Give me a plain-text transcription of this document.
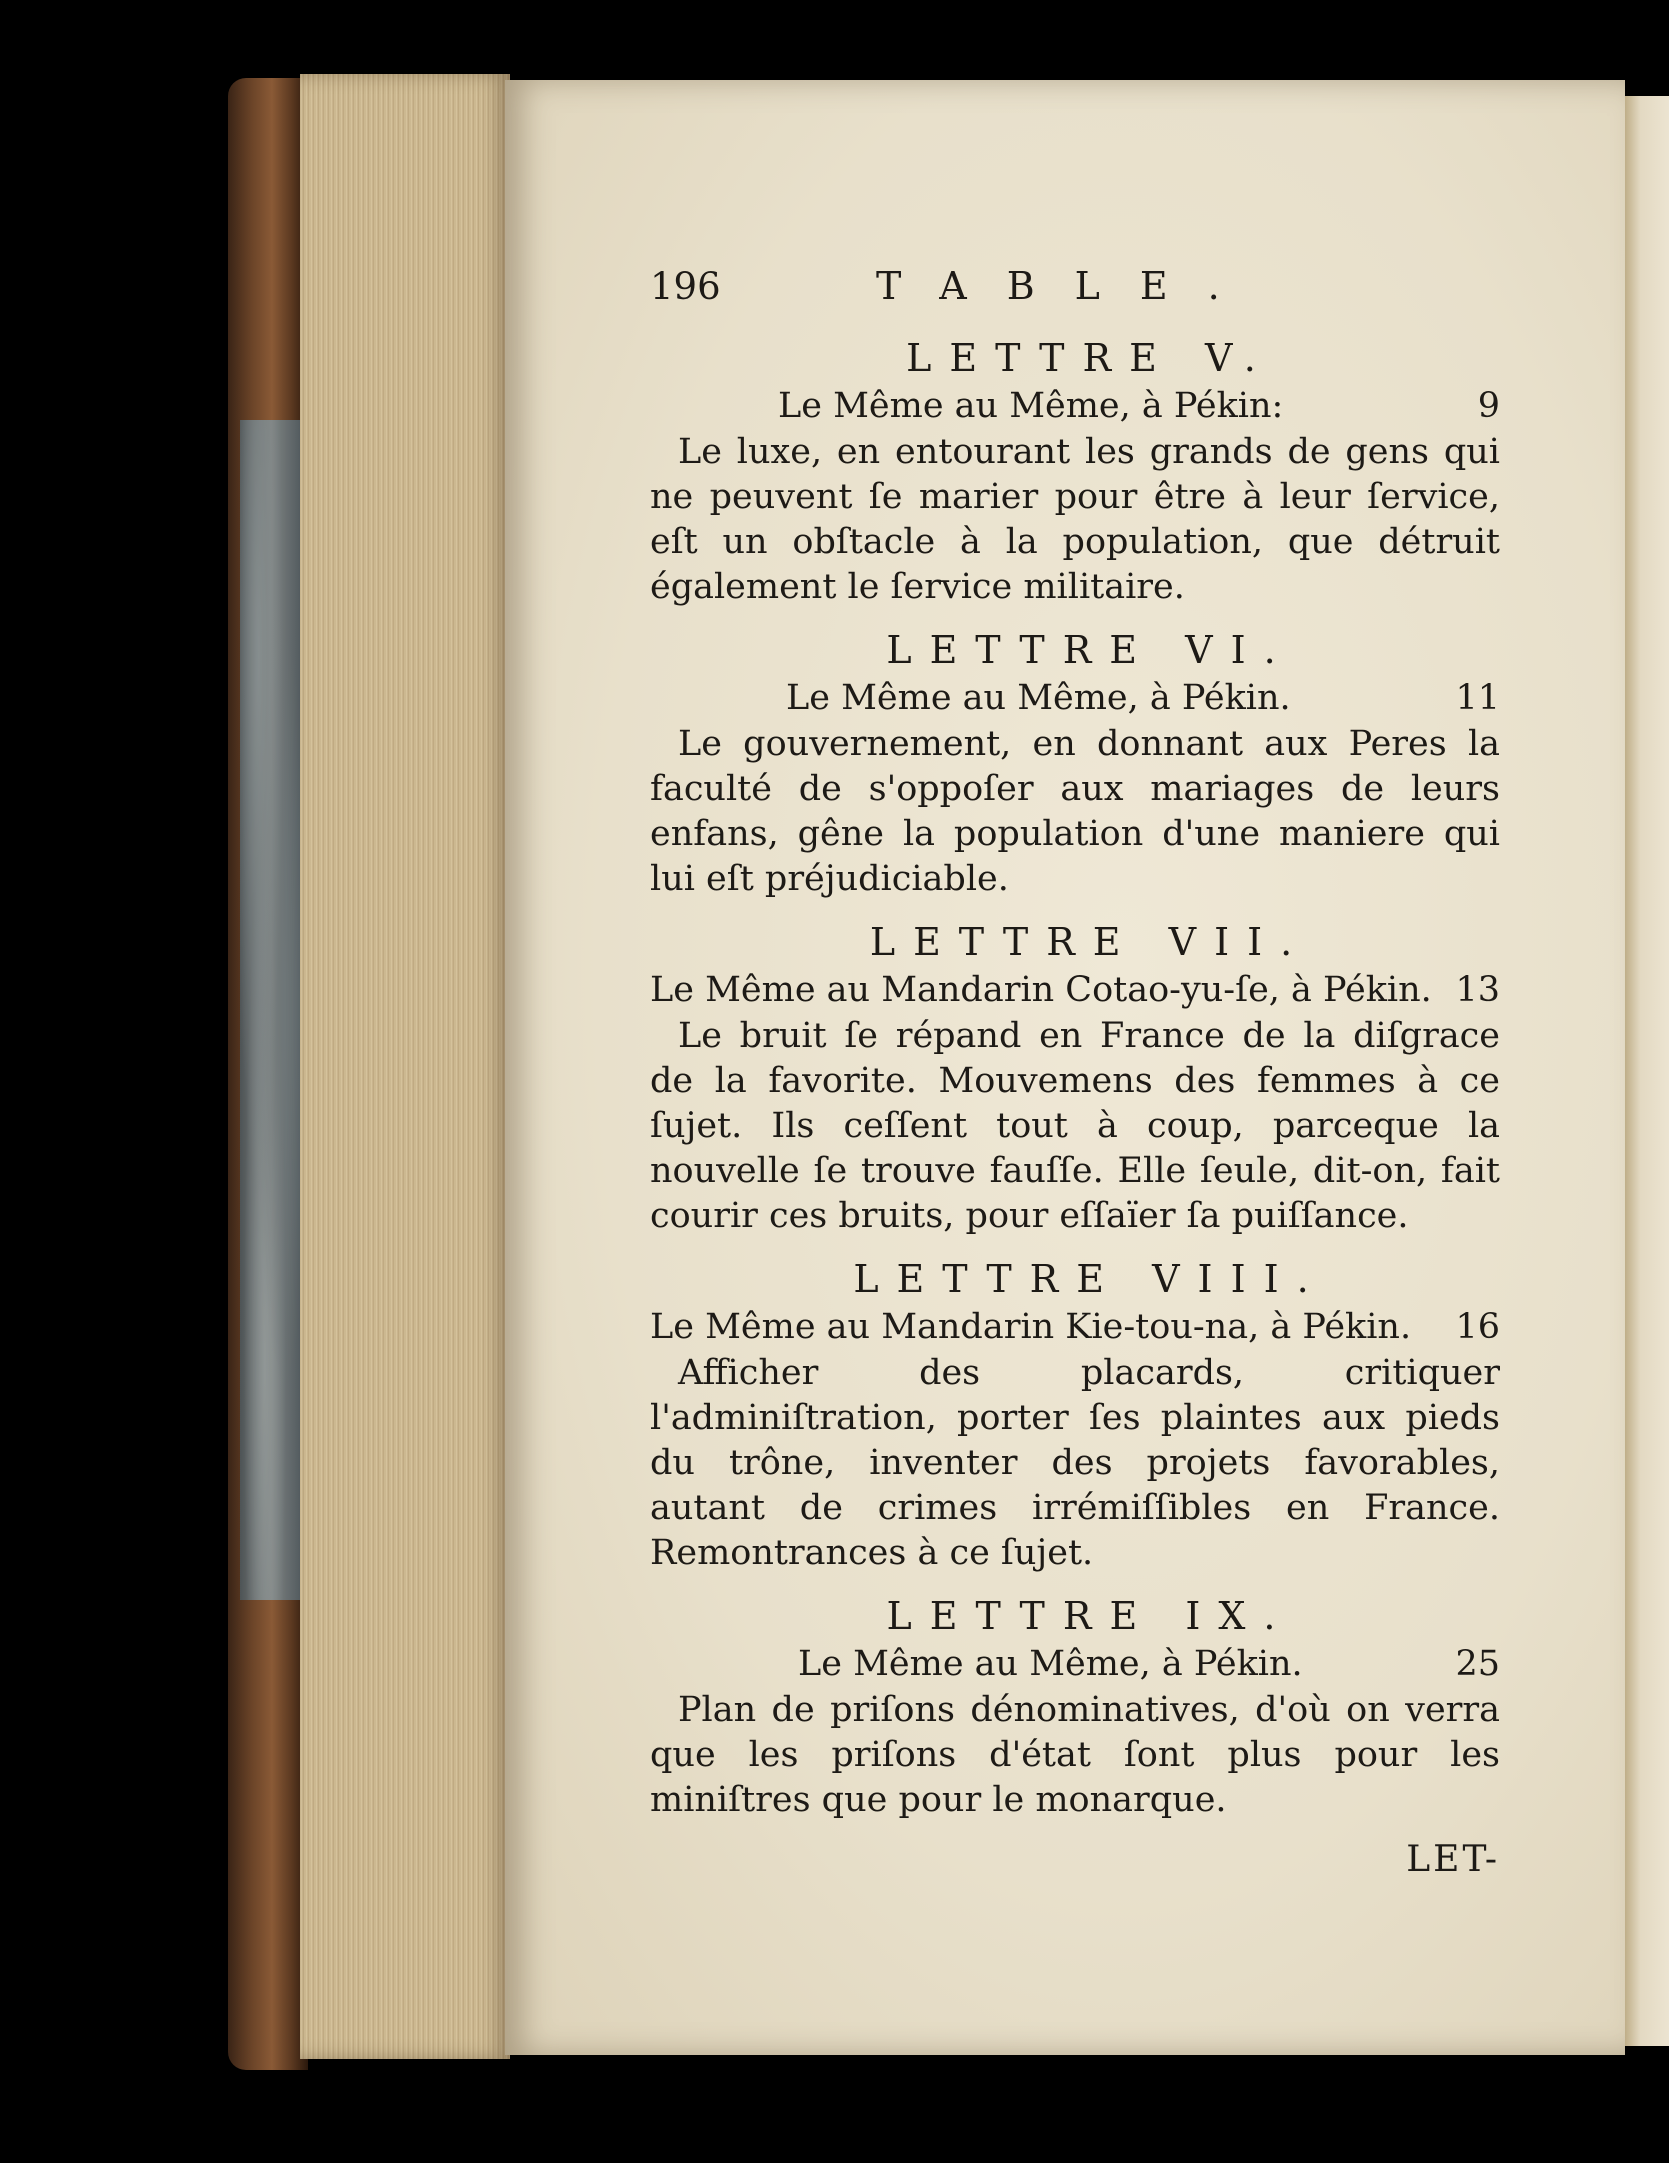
196	TABLE.
LETTRE V.
Le Même au Même, à Pékin:	9

Le luxe, en entourant les grands de gens qui ne peuvent ſe marier pour être à leur ſervice, eſt un obſtacle à la population, que détruit également le ſervice militaire.

LETTRE VI.
Le Même au Même, à Pékin.	11

Le gouvernement, en donnant aux Peres la faculté de s'oppoſer aux mariages de leurs enfans, gêne la population d'une maniere qui lui eſt préjudiciable.

LETTRE VII.
Le Même au Mandarin Cotao-yu-ſe, à Pékin. 13

Le bruit ſe répand en France de la diſgrace de la favorite. Mouvemens des femmes à ce ſujet. Ils ceſſent tout à coup, parceque la nouvelle ſe trouve fauſſe. Elle ſeule, dit-on, fait courir ces bruits, pour eſſaïer ſa puiſſance.

LETTRE VIII.
Le Même au Mandarin Kie-tou-na, à Pékin. 16

Afficher des placards, critiquer l'adminiſtration, porter ſes plaintes aux pieds du trône, inventer des projets favorables, autant de crimes irrémiſſibles en France. Remontrances à ce ſujet.

LETTRE IX.
Le Même au Même, à Pékin.	25

Plan de priſons dénominatives, d'où on verra que les priſons d'état ſont plus pour les miniſtres que pour le monarque.

LET-
